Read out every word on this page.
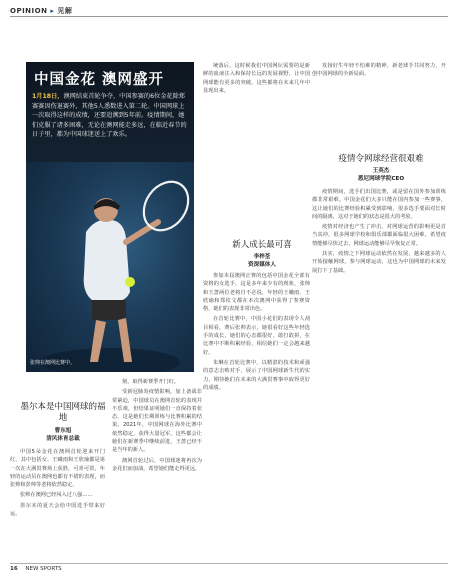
OPINION ▸ 见解
中国金花 澳网盛开
1月18日，澳网结束首轮争夺，中国参赛的6位金花除郑赛赛因伤退赛外，其他5人悉数进入第二轮。中国网球上一次取得这样的成绩，还要追溯到5年前。疫情期间，她们克服了诸多困难，无论在澳网能走多远，在临近春节的日子里，都为中国球迷送上了欢乐。
张帅在澳网比赛中。
墨尔本是中国网球的福地
曹东旭
清风体育总裁

中国5朵金花在澳网首轮迎来开门红，其中包括女、王曦雨和王欣瑜都是第一次在大满贯赛场上获胜，可喜可贺，年轻的运动员在澳网也都有不错的表现，而张帅和彭帅等老将依然稳定，

张帅在澳网已经闯入过八强……

墨尔本的夏天会给中国选手带来好运。

刻，取得新赛季开门红。

受新冠肺炎疫情影响，加上备战非常紧迫，中国球员在澳网首轮的表现并不乐观，但结果证明她们一直保持着状态，这是她们长期训练与比赛积累的结果。2021年，中国网球在海外比赛中依然稳定，获得大量冠军，这些都会让她们在新赛季中继续前进，王蔷已经不是当年的新人。

澳网首轮过后，中国球迷将再次为金花们而加油，希望她们能走得更远。

统落后，这时候我们中国网坛需要的是新鲜的血液注入和保持长远的发展视野，让中国网球能有更多的突破。这些都将在未来几年中显现出来。

新人成长最可喜
李梓荃
资深媒体人

参加本届澳网正赛的包括中国金花全部有资格的女选手，这是多年来少有的现象，张帅和王蔷两位老将自不必说，年轻的王曦雨、王欣瑜和郑钦文都在本次澳网中获得了参赛资格，她们的表现非常出色。

在首轮比赛中，中国小花们的表现令人刮目相看，赛后张帅表示，她很看好这些年轻选手的成长，她们的心态都很好，敢打敢拼，在比赛中不断积累经验，相信她们一定会越来越好。

朱琳在首轮比赛中，以精湛的技术和顽强的意志击败对手，展示了中国网球新生代的实力，期待她们在未来的大满贯赛事中取得更好的成绩。

发扬好生年轻不怕难的精神，新老球手共同努力，开创中国网球的全新局面。

疫情令网球经营很艰难
王英杰
悉尼网球学院CEO

疫情期间，选手们出国比赛，或是留在国外参加训练都非常艰难。中国金花们大多只能在国内参加一些赛事，这让她们的比赛经验积累受到影响，很多选手要面对长时间的隔离，这对于她们的状态是很大的考验。

疫情对经济也产生了冲击，对网球运营的影响更是首当其冲，很多网球学校和俱乐部都面临很大困难，希望疫情能够尽快过去，网球运动能够尽早恢复正常。

其实，疫情之下网球运动依然在发展，越来越多的人开始接触网球，参与网球运动，这也为中国网球的未来发展打下了基础。

16 NEW SPORTS
